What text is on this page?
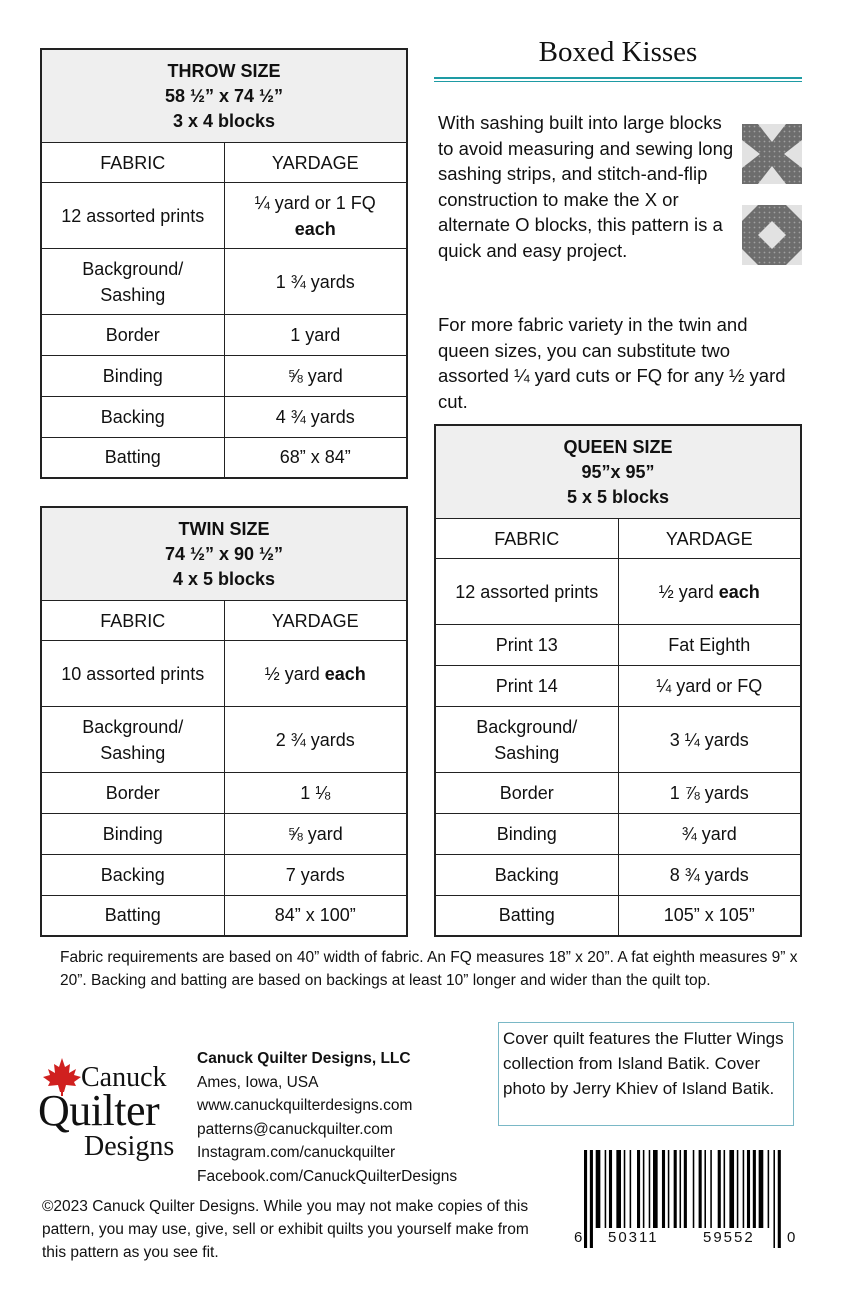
THROW SIZE
58 ½” x 74 ½”
3 x 4 blocks	

FABRIC	YARDAGE
12 assorted prints	¼ yard or 1 FQ
each
Background/ Sashing	1 ¾ yards
Border	1 yard
Binding	⅝ yard
Backing	4 ¾ yards
Batting	68” x 84”
TWIN SIZE
74 ½” x 90 ½”
4 x 5 blocks	

FABRIC	YARDAGE
10 assorted prints	½ yard each
Background/ Sashing	2 ¾ yards
Border	1 ⅛
Binding	⅝ yard
Backing	7 yards
Batting	84” x 100”
Boxed Kisses

With sashing built into large blocks to avoid measuring and sewing long sashing strips, and stitch-and-flip construction to make the X or alternate O blocks, this pattern is a quick and easy project.

For more fabric variety in the twin and queen sizes, you can substitute two assorted ¼ yard cuts or FQ for any ½ yard cut.

QUEEN SIZE
95”x 95”
5 x 5 blocks	

FABRIC	YARDAGE
12 assorted prints	½ yard each
Print 13	Fat Eighth
Print 14	¼ yard or FQ
Background/ Sashing	3 ¼ yards
Border	1 ⅞ yards
Binding	¾ yard
Backing	8 ¾ yards
Batting	105” x 105”

Fabric requirements are based on 40” width of fabric. An FQ measures 18” x 20”. A fat eighth measures 9” x 20”. Backing and batting are based on backings at least 10” longer and wider than the quilt top.

Cover quilt features the Flutter Wings collection from Island Batik. Cover photo by Jerry Khiev of Island Batik.
Canuck
Quilter
Designs
Canuck Quilter Designs, LLC
Ames, Iowa, USA
www.canuckquilterdesigns.com
patterns@canuckquilter.com
Instagram.com/canuckquilter
Facebook.com/CanuckQuilterDesigns

©2023 Canuck Quilter Designs. While you may not make copies of this pattern, you may use, give, sell or exhibit quilts you yourself make from this pattern as you see fit.

6 50311	59552 0
